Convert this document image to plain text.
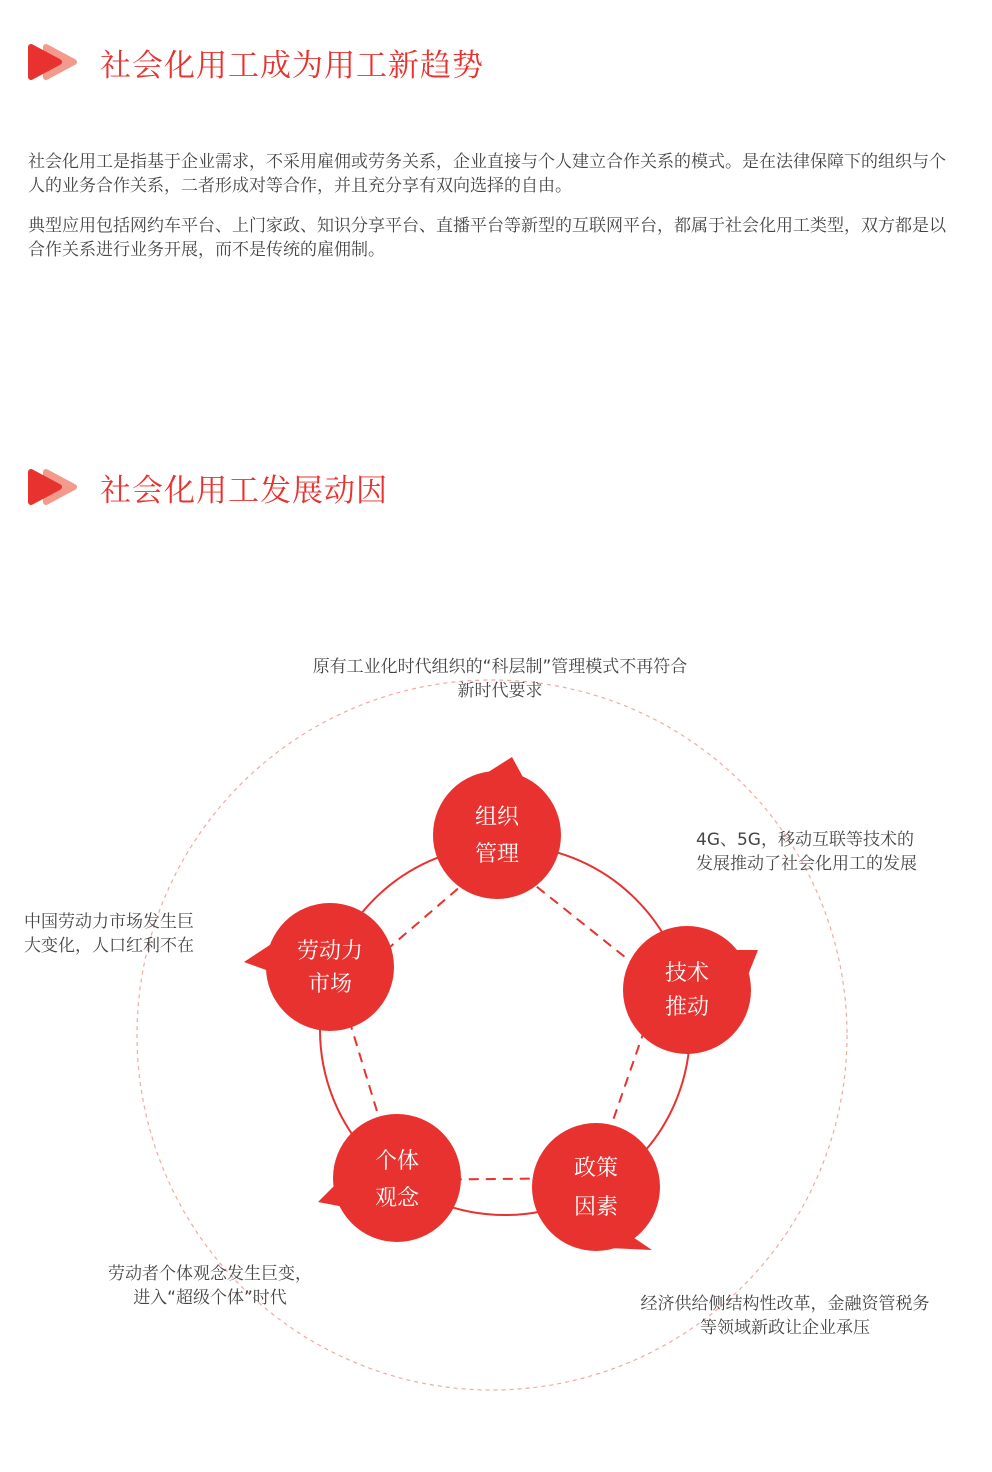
社会化用工成为用工新趋势

社会化用工是指基于企业需求，不采用雇佣或劳务关系，企业直接与个人建立合作关系的模式。是在法律保障下的组织与个人的业务合作关系，二者形成对等合作，并且充分享有双向选择的自由。

典型应用包括网约车平台、上门家政、知识分享平台、直播平台等新型的互联网平台，都属于社会化用工类型，双方都是以合作关系进行业务开展，而不是传统的雇佣制。

社会化用工发展动因
组织
管理
技术
推动
政策
因素
个体
观念
劳动力
市场
原有工业化时代组织的“科层制”管理模式不再符合
新时代要求
4G、5G，移动互联等技术的
发展推动了社会化用工的发展
中国劳动力市场发生巨
大变化，人口红利不在
劳动者个体观念发生巨变，
进入“超级个体”时代	经济供给侧结构性改革，金融资管税务
等领域新政让企业承压
